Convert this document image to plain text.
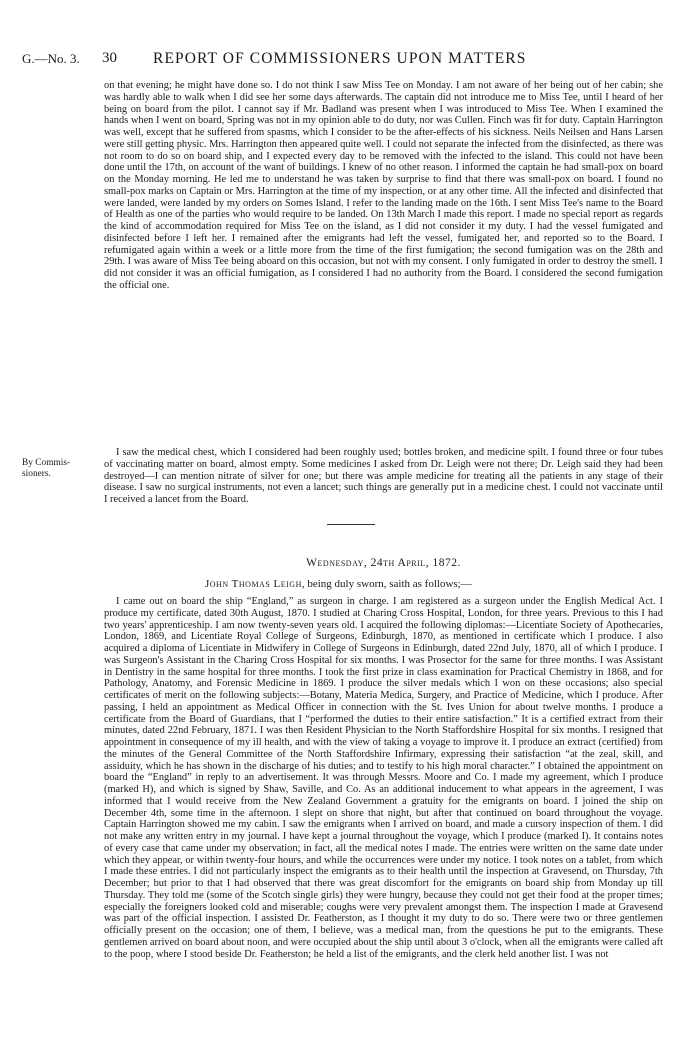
G.—No. 3. 30 REPORT OF COMMISSIONERS UPON MATTERS
on that evening; he might have done so. I do not think I saw Miss Tee on Monday. I am not aware of her being out of her cabin; she was hardly able to walk when I did see her some days afterwards. The captain did not introduce me to Miss Tee, until I heard of her being on board from the pilot. I cannot say if Mr. Badland was present when I was introduced to Miss Tee. When I examined the hands when I went on board, Spring was not in my opinion able to do duty, nor was Cullen. Finch was fit for duty. Captain Harrington was well, except that he suffered from spasms, which I consider to be the after-effects of his sickness. Neils Neilsen and Hans Larsen were still getting physic. Mrs. Harrington then appeared quite well. I could not separate the infected from the disinfected, as there was not room to do so on board ship, and I expected every day to be removed with the infected to the island. This could not have been done until the 17th, on account of the want of buildings. I knew of no other reason. I informed the captain he had small-pox on board on the Monday morning. He led me to understand he was taken by surprise to find that there was small-pox on board. I found no small-pox marks on Captain or Mrs. Harrington at the time of my inspection, or at any other time. All the infected and disinfected that were landed, were landed by my orders on Somes Island. I refer to the landing made on the 16th. I sent Miss Tee's name to the Board of Health as one of the parties who would require to be landed. On 13th March I made this report. I made no special report as regards the kind of accommodation required for Miss Tee on the island, as I did not consider it my duty. I had the vessel fumigated and disinfected before I left her. I remained after the emigrants had left the vessel, fumigated her, and reported so to the Board. I refumigated again within a week or a little more from the time of the first fumigation; the second fumigation was on the 28th and 29th. I was aware of Miss Tee being aboard on this occasion, but not with my consent. I only fumigated in order to destroy the smell. I did not consider it was an official fumigation, as I considered I had no authority from the Board. I considered the second fumigation the official one.
By Commis-sioners.
I saw the medical chest, which I considered had been roughly used; bottles broken, and medicine spilt. I found three or four tubes of vaccinating matter on board, almost empty. Some medicines I asked from Dr. Leigh were not there; Dr. Leigh said they had been destroyed—I can mention nitrate of silver for one; but there was ample medicine for treating all the patients in any stage of their disease. I saw no surgical instruments, not even a lancet; such things are generally put in a medicine chest. I could not vaccinate until I received a lancet from the Board.
Wednesday, 24th April, 1872.
John Thomas Leigh, being duly sworn, saith as follows;—
I came out on board the ship “England,” as surgeon in charge. I am registered as a surgeon under the English Medical Act. I produce my certificate, dated 30th August, 1870. I studied at Charing Cross Hospital, London, for three years. Previous to this I had two years' apprenticeship. I am now twenty-seven years old. I acquired the following diplomas:—Licentiate Society of Apothecaries, London, 1869, and Licentiate Royal College of Surgeons, Edinburgh, 1870, as mentioned in certificate which I produce. I also acquired a diploma of Licentiate in Midwifery in College of Surgeons in Edinburgh, dated 22nd July, 1870, all of which I produce. I was Surgeon's Assistant in the Charing Cross Hospital for six months. I was Prosector for the same for three months. I was Assistant in Dentistry in the same hospital for three months. I took the first prize in class examination for Practical Chemistry in 1868, and for Pathology, Anatomy, and Forensic Medicine in 1869. I produce the silver medals which I won on these occasions; also special certificates of merit on the following subjects:—Botany, Materia Medica, Surgery, and Practice of Medicine, which I produce. After passing, I held an appointment as Medical Officer in connection with the St. Ives Union for about twelve months. I produce a certificate from the Board of Guardians, that I “performed the duties to their entire satisfaction.” It is a certified extract from their minutes, dated 22nd February, 1871. I was then Resident Physician to the North Staffordshire Hospital for six months. I resigned that appointment in consequence of my ill health, and with the view of taking a voyage to improve it. I produce an extract (certified) from the minutes of the General Committee of the North Staffordshire Infirmary, expressing their satisfaction “at the zeal, skill, and assiduity, which he has shown in the discharge of his duties; and to testify to his high moral character.” I obtained the appointment on board the “England” in reply to an advertisement. It was through Messrs. Moore and Co. I made my agreement, which I produce (marked H), and which is signed by Shaw, Saville, and Co. As an additional inducement to what appears in the agreement, I was informed that I would receive from the New Zealand Government a gratuity for the emigrants on board. I joined the ship on December 4th, some time in the afternoon. I slept on shore that night, but after that continued on board throughout the voyage. Captain Harrington showed me my cabin. I saw the emigrants when I arrived on board, and made a cursory inspection of them. I did not make any written entry in my journal. I have kept a journal throughout the voyage, which I produce (marked I). It contains notes of every case that came under my observation; in fact, all the medical notes I made. The entries were written on the same date under which they appear, or within twenty-four hours, and while the occurrences were under my notice. I took notes on a tablet, from which I made these entries. I did not particularly inspect the emigrants as to their health until the inspection at Gravesend, on Thursday, 7th December; but prior to that I had observed that there was great discomfort for the emigrants on board ship from Monday up till Thursday. They told me (some of the Scotch single girls) they were hungry, because they could not get their food at the proper times; especially the foreigners looked cold and miserable; coughs were very prevalent amongst them. The inspection I made at Gravesend was part of the official inspection. I assisted Dr. Featherston, as I thought it my duty to do so. There were two or three gentlemen officially present on the occasion; one of them, I believe, was a medical man, from the questions he put to the emigrants. These gentlemen arrived on board about noon, and were occupied about the ship until about 3 o'clock, when all the emigrants were called aft to the poop, where I stood beside Dr. Featherston; he held a list of the emigrants, and the clerk held another list. I was not
